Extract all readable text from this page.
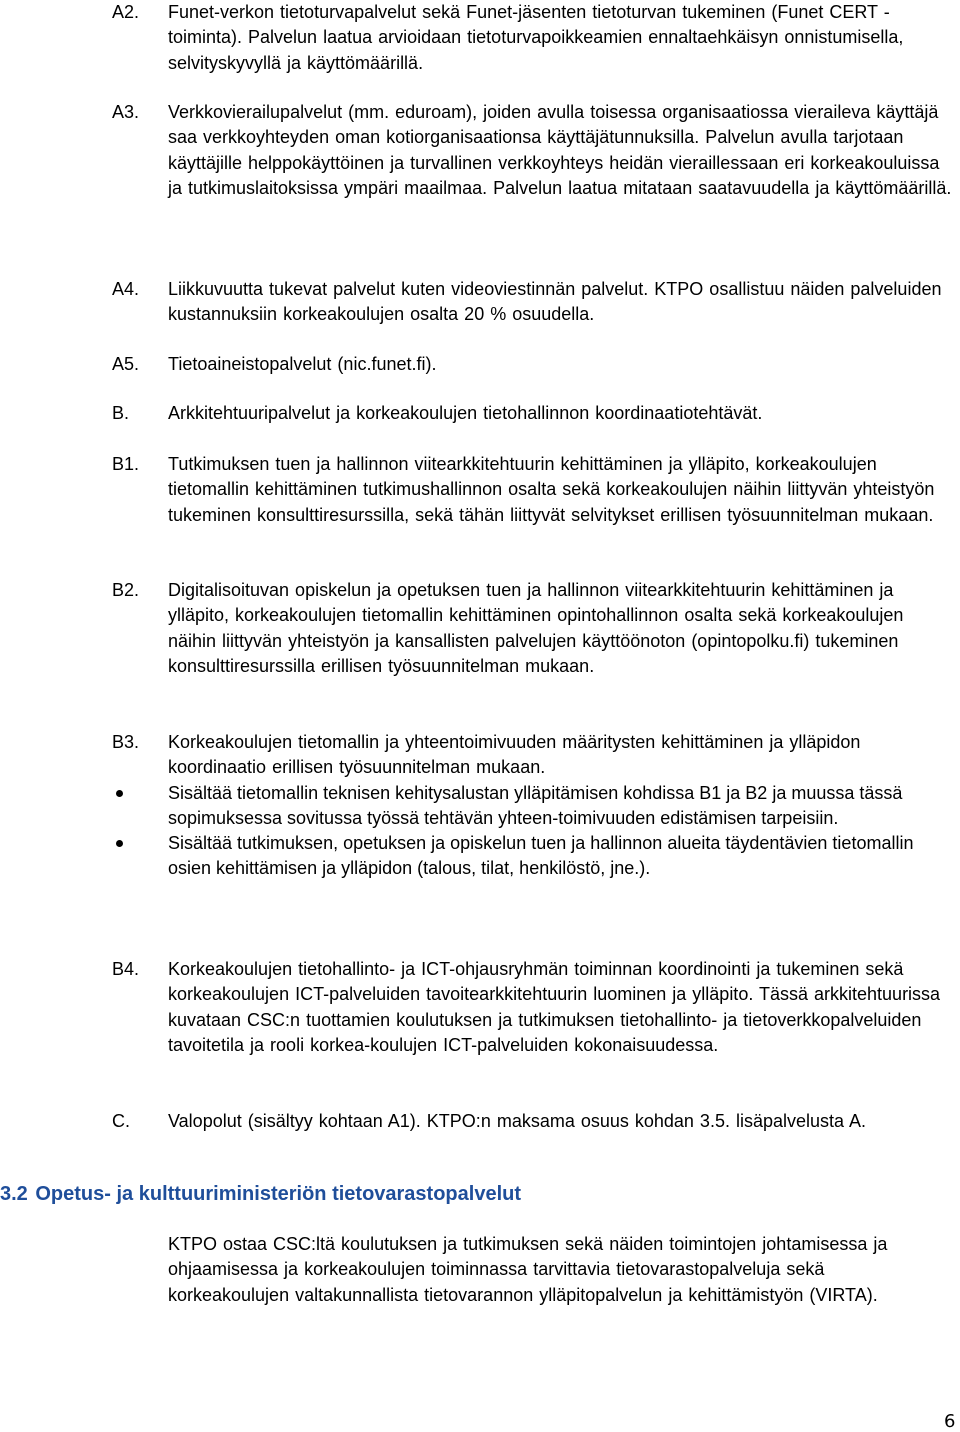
A2. Funet-verkon tietoturvapalvelut sekä Funet-jäsenten tietoturvan tukeminen (Funet CERT -toiminta). Palvelun laatua arvioidaan tietoturvapoikkeamien ennaltaehkäisyn onnistumisella, selvityskyvyllä ja käyttömäärillä.
A3. Verkkovierailupalvelut (mm. eduroam), joiden avulla toisessa organisaatiossa vieraileva käyttäjä saa verkkoyhteyden oman kotiorganisaationsa käyttäjätunnuksilla. Palvelun avulla tarjotaan käyttäjille helppokäyttöinen ja turvallinen verkkoyhteys heidän vieraillessaan eri korkeakouluissa ja tutkimuslaitoksissa ympäri maailmaa. Palvelun laatua mitataan saatavuudella ja käyttömäärillä.
A4. Liikkuvuutta tukevat palvelut kuten videoviestinnän palvelut. KTPO osallistuu näiden palveluiden kustannuksiin korkeakoulujen osalta 20 % osuudella.
A5. Tietoaineistopalvelut (nic.funet.fi).
B. Arkkitehtuuripalvelut ja korkeakoulujen tietohallinnon koordinaatiotehtävät.
B1. Tutkimuksen tuen ja hallinnon viitearkkitehtuurin kehittäminen ja ylläpito, korkeakoulujen tietomallin kehittäminen tutkimushallinnon osalta sekä korkeakoulujen näihin liittyvän yhteistyön tukeminen konsulttiresurssilla, sekä tähän liittyvät selvitykset erillisen työsuunnitelman mukaan.
B2. Digitalisoituvan opiskelun ja opetuksen tuen ja hallinnon viitearkkitehtuurin kehittäminen ja ylläpito, korkeakoulujen tietomallin kehittäminen opintohallinnon osalta sekä korkeakoulujen näihin liittyvän yhteistyön ja kansallisten palvelujen käyttöönoton (opintopolku.fi) tukeminen konsulttiresurssilla erillisen työsuunnitelman mukaan.
B3. Korkeakoulujen tietomallin ja yhteentoimivuuden määritysten kehittäminen ja ylläpidon koordinaatio erillisen työsuunnitelman mukaan.
Sisältää tietomallin teknisen kehitysalustan ylläpitämisen kohdissa B1 ja B2 ja muussa tässä sopimuksessa sovitussa työssä tehtävän yhteen-toimivuuden edistämisen tarpeisiin.
Sisältää tutkimuksen, opetuksen ja opiskelun tuen ja hallinnon alueita täydentävien tietomallin osien kehittämisen ja ylläpidon (talous, tilat, henkilöstö, jne.).
B4. Korkeakoulujen tietohallinto- ja ICT-ohjausryhmän toiminnan koordinointi ja tukeminen sekä korkeakoulujen ICT-palveluiden tavoitearkkitehtuurin luominen ja ylläpito. Tässä arkkitehtuurissa kuvataan CSC:n tuottamien koulutuksen ja tutkimuksen tietohallinto- ja tietoverkkopalveluiden tavoitetila ja rooli korkea-koulujen ICT-palveluiden kokonaisuudessa.
C. Valopolut (sisältyy kohtaan A1). KTPO:n maksama osuus kohdan 3.5. lisäpalvelusta A.
3.2 Opetus- ja kulttuuriministeriön tietovarastopalvelut
KTPO ostaa CSC:ltä koulutuksen ja tutkimuksen sekä näiden toimintojen johtamisessa ja ohjaamisessa ja korkeakoulujen toiminnassa tarvittavia tietovarastopalveluja sekä korkeakoulujen valtakunnallista tietovarannon ylläpitopalvelun ja kehittämistyön (VIRTA).
6
